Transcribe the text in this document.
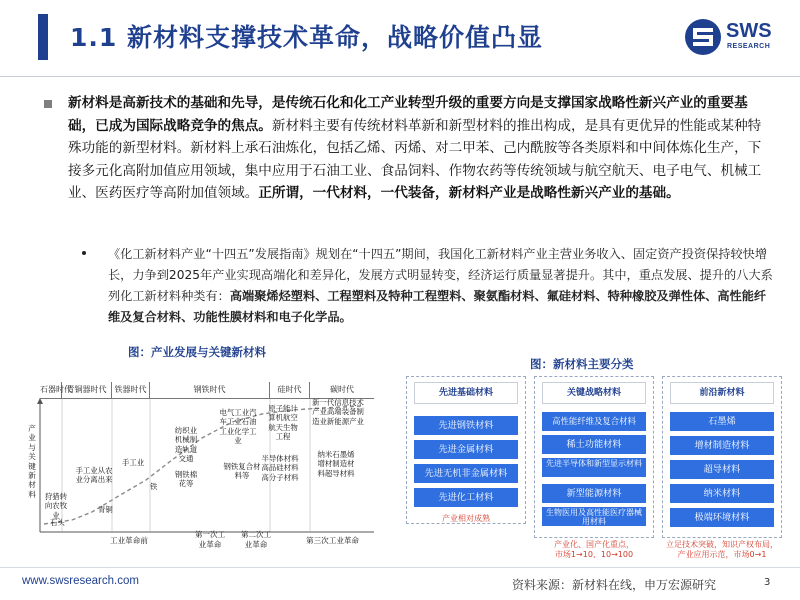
1.1 新材料支撑技术革命，战略价值凸显	SWS
RESEARCH
新材料是高新技术的基础和先导，是传统石化和化工产业转型升级的重要方向是支撑国家战略性新兴产业的重要基础，已成为国际战略竞争的焦点。新材料主要有传统材料革新和新型材料的推出构成，是具有更优异的性能或某种特殊功能的新型材料。新材料上承石油炼化，包括乙烯、丙烯、对二甲苯、己内酰胺等各类原料和中间体炼化生产，下接多元化高附加值应用领域，集中应用于石油工业、食品饲料、作物农药等传统领域与航空航天、电子电气、机械工业、医药医疗等高附加值领域。正所谓，一代材料，一代装备，新材料产业是战略性新兴产业的基础。
《化工新材料产业“十四五”发展指南》规划在“十四五”期间，我国化工新材料产业主营业务收入、固定资产投资保持较快增长，力争到2025年产业实现高端化和差异化，发展方式明显转变，经济运行质量显著提升。其中，重点发展、提升的八大系列化工新材料种类有：高端聚烯烃塑料、工程塑料及特种工程塑料、聚氨酯材料、氟硅材料、特种橡胶及弹性体、高性能纤维及复合材料、功能性膜材料和电子化学品。
图：产业发展与关键新材料
石器时代
青铜器时代	铁器时代	钢铁时代	硅时代	碳时代
产业与关键新材料	狩猎转向农牧业
石头
手工业从农业分离出来
青铜
手工业
铁
纺织业机械制造轨道交通
钢铁棉花等
电气工业汽车工业石油工业化学工业
钢铁复合材料等
原子能计算机航空航天生物工程
半导体材料高品硅材料高分子材料
新一代信息技术产业高端装备制造业新能源产业
纳米石墨烯增材制造材料超导材料
工业革命前
第一次工业革命
第二次工业革命	第三次工业革命
图：新材料主要分类
先进基础材料
先进钢铁材料
先进金属材料
先进无机非金属材料
先进化工材料
产业相对成熟
关键战略材料
高性能纤维及复合材料
稀土功能材料
先进半导体和新型显示材料
新型能源材料
生物医用及高性能医疗器械用材料
产业化、国产化重点，
市场1→10、10→100
前沿新材料
石墨烯
增材制造材料
超导材料
纳米材料
极端环境材料
立足技术突破，知识产权布局，
产业应用示范，市场0→1
www.swsresearch.com	资料来源：新材料在线，申万宏源研究	3
